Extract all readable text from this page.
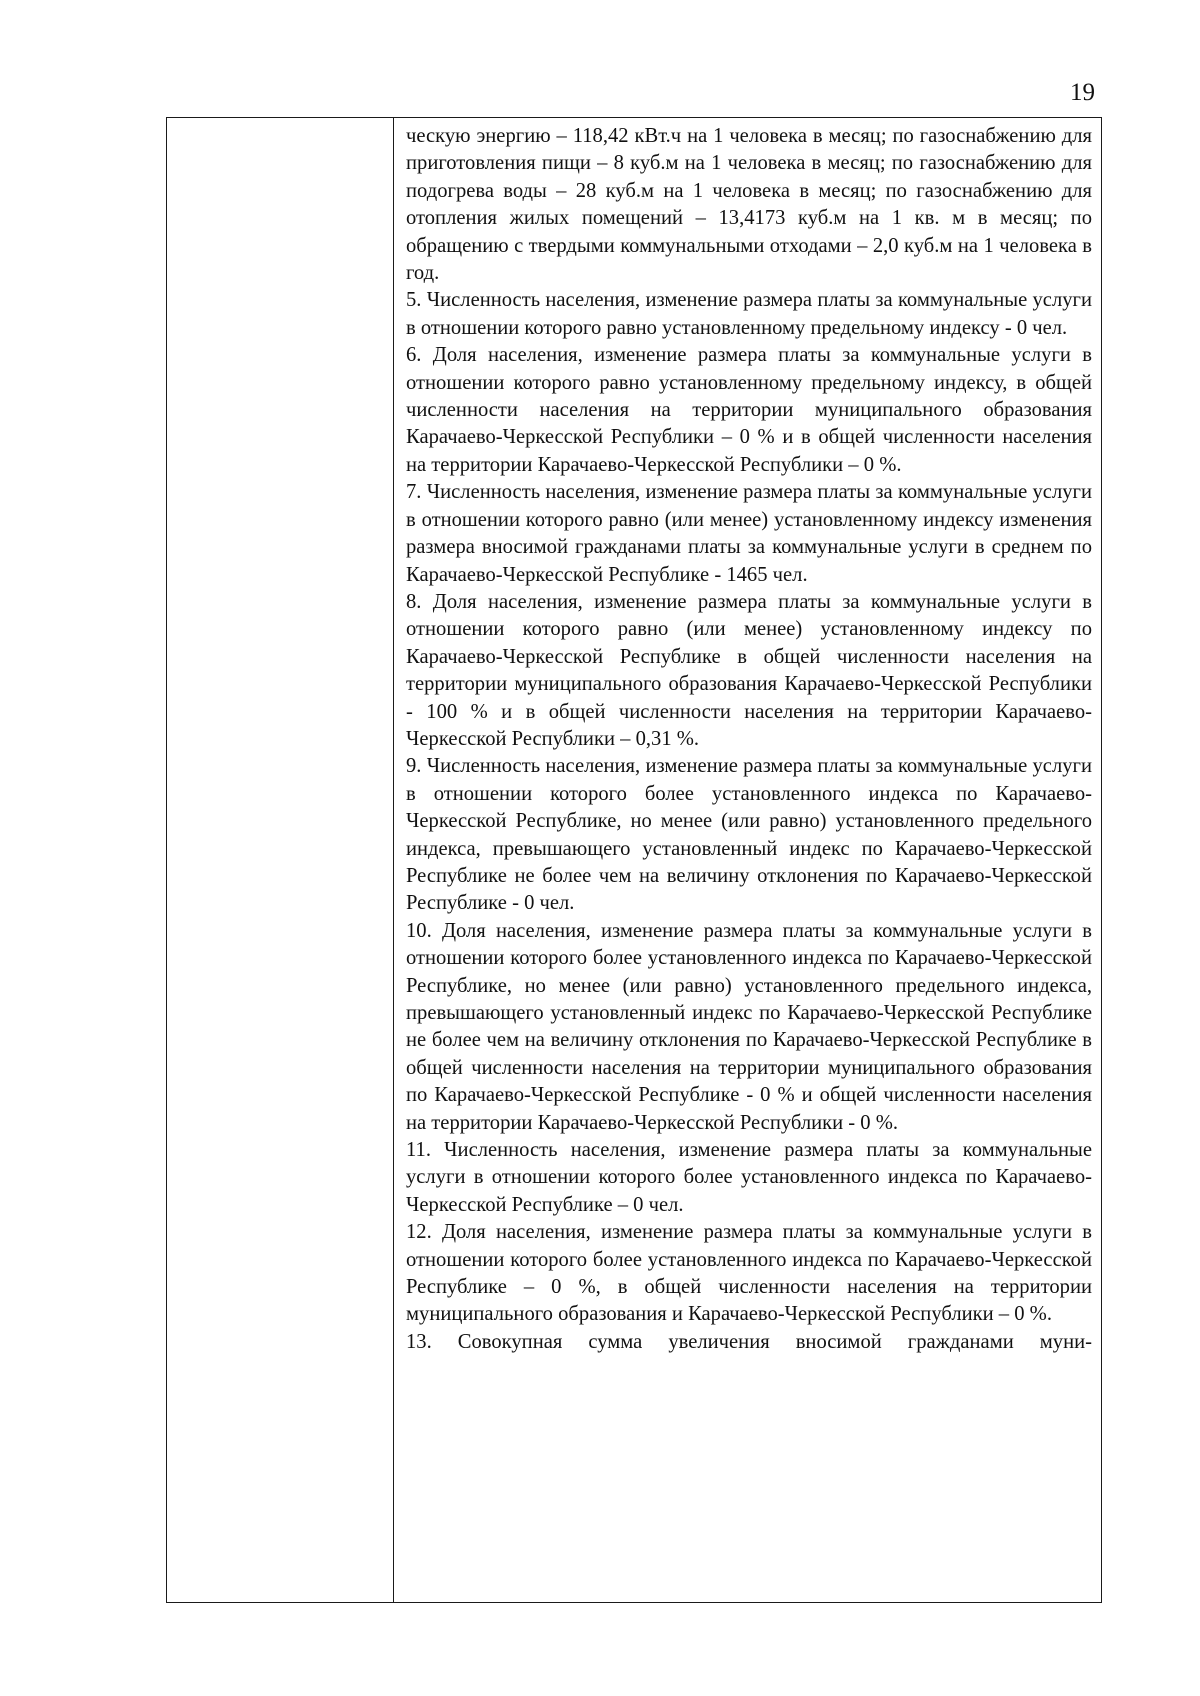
19

ческую энергию – 118,42 кВт.ч на 1 человека в месяц; по газоснабжению для приготовления пищи – 8 куб.м на 1 человека в месяц; по газоснабжению для подогрева воды – 28 куб.м на 1 человека в месяц; по газоснабжению для отопления жилых помещений – 13,4173 куб.м на 1 кв. м в месяц; по обращению с твердыми коммунальными отходами – 2,0 куб.м на 1 человека в год.

5. Численность населения, изменение размера платы за коммунальные услуги в отношении которого равно установленному предельному индексу - 0 чел.

6. Доля населения, изменение размера платы за коммунальные услуги в отношении которого равно установленному предельному индексу, в общей численности населения на территории муниципального образования Карачаево-Черкесской Республики – 0 % и в общей численности населения на территории Карачаево-Черкесской Республики – 0 %.

7. Численность населения, изменение размера платы за коммунальные услуги в отношении которого равно (или менее) установленному индексу изменения размера вносимой гражданами платы за коммунальные услуги в среднем по Карачаево-Черкесской Республике - 1465 чел.

8. Доля населения, изменение размера платы за коммунальные услуги в отношении которого равно (или менее) установленному индексу по Карачаево-Черкесской Республике в общей численности населения на территории муниципального образования Карачаево-Черкесской Республики - 100 % и в общей численности населения на территории Карачаево-Черкесской Республики – 0,31 %.

9. Численность населения, изменение размера платы за коммунальные услуги в отношении которого более установленного индекса по Карачаево-Черкесской Республике, но менее (или равно) установленного предельного индекса, превышающего установленный индекс по Карачаево-Черкесской Республике не более чем на величину отклонения по Карачаево-Черкесской Республике - 0 чел.

10. Доля населения, изменение размера платы за коммунальные услуги в отношении которого более установленного индекса по Карачаево-Черкесской Республике, но менее (или равно) установленного предельного индекса, превышающего установленный индекс по Карачаево-Черкесской Республике не более чем на величину отклонения по Карачаево-Черкесской Республике в общей численности населения на территории муниципального образования по Карачаево-Черкесской Республике - 0 % и общей численности населения на территории Карачаево-Черкесской Республики - 0 %.

11. Численность населения, изменение размера платы за коммунальные услуги в отношении которого более установленного индекса по Карачаево-Черкесской Республике – 0 чел.

12. Доля населения, изменение размера платы за коммунальные услуги в отношении которого более установленного индекса по Карачаево-Черкесской Республике – 0 %, в общей численности населения на территории муниципального образования и Карачаево-Черкесской Республики – 0 %.

13. Совокупная сумма увеличения вносимой гражданами муни-
